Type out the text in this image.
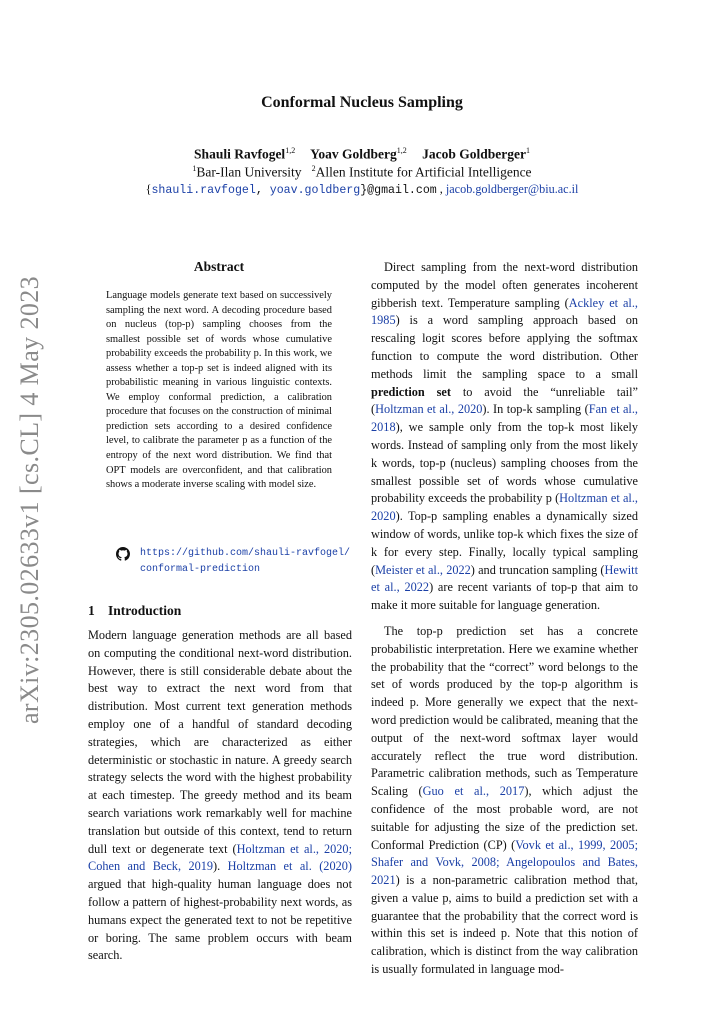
arXiv:2305.02633v1 [cs.CL] 4 May 2023
Conformal Nucleus Sampling
Shauli Ravfogel$^{1,2}$ Yoav Goldberg$^{1,2}$ Jacob Goldberger$^1$
$^1$Bar-Ilan University $^2$Allen Institute for Artificial Intelligence
{shauli.ravfogel, yoav.goldberg}@gmail.com , jacob.goldberger@biu.ac.il
Abstract
Language models generate text based on successively sampling the next word. A decoding procedure based on nucleus (top-p) sampling chooses from the smallest possible set of words whose cumulative probability exceeds the probability p. In this work, we assess whether a top-p set is indeed aligned with its probabilistic meaning in various linguistic contexts. We employ conformal prediction, a calibration procedure that focuses on the construction of minimal prediction sets according to a desired confidence level, to calibrate the parameter p as a function of the entropy of the next word distribution. We find that OPT models are overconfident, and that calibration shows a moderate inverse scaling with model size.
https://github.com/shauli-ravfogel/
conformal-prediction
1 Introduction

Modern language generation methods are all based on computing the conditional next-word distribution. However, there is still considerable debate about the best way to extract the next word from that distribution. Most current text generation methods employ one of a handful of standard decoding strategies, which are characterized as either deterministic or stochastic in nature. A greedy search strategy selects the word with the highest probability at each timestep. The greedy method and its beam search variations work remarkably well for machine translation but outside of this context, tend to return dull text or degenerate text (Holtzman et al., 2020; Cohen and Beck, 2019). Holtzman et al. (2020) argued that high-quality human language does not follow a pattern of highest-probability next words, as humans expect the generated text to not be repetitive or boring. The same problem occurs with beam search.

Direct sampling from the next-word distribution computed by the model often generates incoherent gibberish text. Temperature sampling (Ackley et al., 1985) is a word sampling approach based on rescaling logit scores before applying the softmax function to compute the word distribution. Other methods limit the sampling space to a small prediction set to avoid the “unreliable tail” (Holtzman et al., 2020). In top-k sampling (Fan et al., 2018), we sample only from the top-k most likely words. Instead of sampling only from the most likely k words, top-p (nucleus) sampling chooses from the smallest possible set of words whose cumulative probability exceeds the probability p (Holtzman et al., 2020). Top-p sampling enables a dynamically sized window of words, unlike top-k which fixes the size of k for every step. Finally, locally typical sampling (Meister et al., 2022) and truncation sampling (Hewitt et al., 2022) are recent variants of top-p that aim to make it more suitable for language generation.

The top-p prediction set has a concrete probabilistic interpretation. Here we examine whether the probability that the “correct” word belongs to the set of words produced by the top-p algorithm is indeed p. More generally we expect that the next-word prediction would be calibrated, meaning that the output of the next-word softmax layer would accurately reflect the true word distribution. Parametric calibration methods, such as Temperature Scaling (Guo et al., 2017), which adjust the confidence of the most probable word, are not suitable for adjusting the size of the prediction set. Conformal Prediction (CP) (Vovk et al., 1999, 2005; Shafer and Vovk, 2008; Angelopoulos and Bates, 2021) is a non-parametric calibration method that, given a value p, aims to build a prediction set with a guarantee that the probability that the correct word is within this set is indeed p. Note that this notion of calibration, which is distinct from the way calibration is usually formulated in language mod-
